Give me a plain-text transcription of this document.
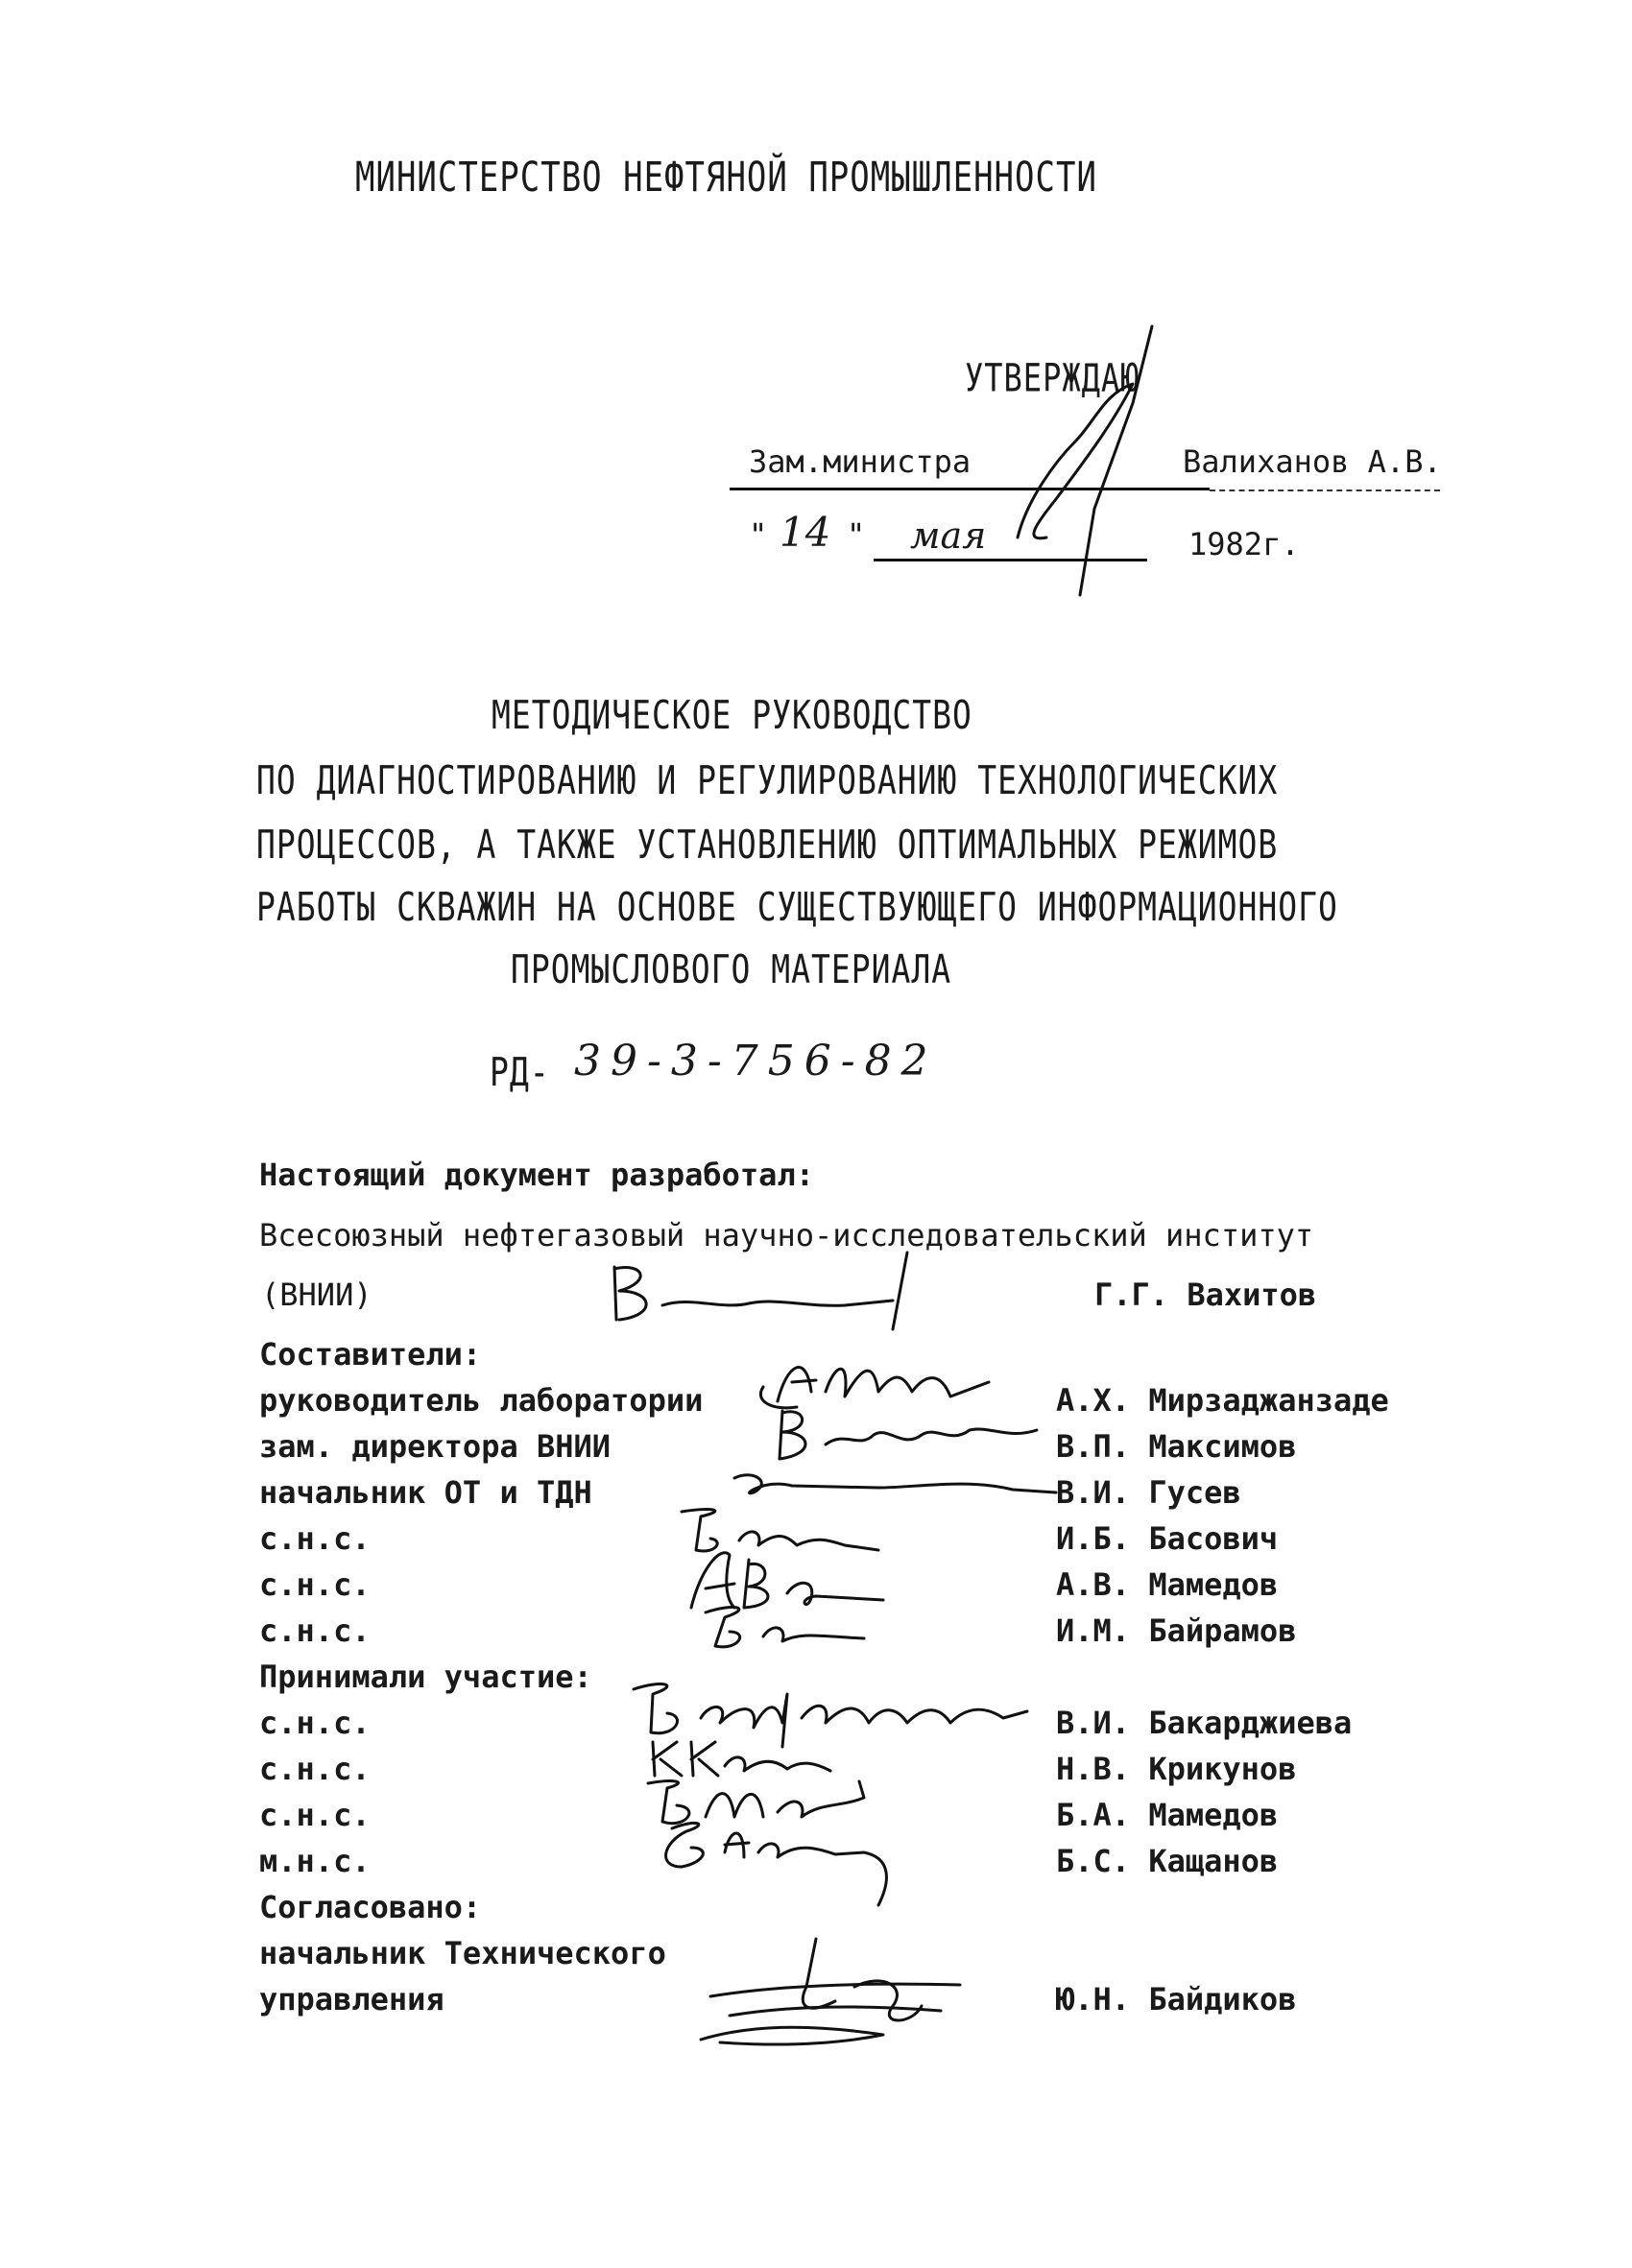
МИНИСТЕРСТВО НЕФТЯНОЙ ПРОМЫШЛЕННОСТИ
УТВЕРЖДАЮ
Зам.министра	Валиханов А.В.
" 14 " мая	1982г.
МЕТОДИЧЕСКОЕ РУКОВОДСТВО
ПО ДИАГНОСТИРОВАНИЮ И РЕГУЛИРОВАНИЮ ТЕХНОЛОГИЧЕСКИХ
ПРОЦЕССОВ, А ТАКЖЕ УСТАНОВЛЕНИЮ ОПТИМАЛЬНЫХ РЕЖИМОВ
РАБОТЫ СКВАЖИН НА ОСНОВЕ СУЩЕСТВУЮЩЕГО ИНФОРМАЦИОННОГО
ПРОМЫСЛОВОГО МАТЕРИАЛА
РД- 39-3-756-82
Настоящий документ разработал:
Всесоюзный нефтегазовый научно-исследовательский институт
(ВНИИ)	Г.Г. Вахитов
Составители:
руководитель лаборатории	А.Х. Мирзаджанзаде
зам. директора ВНИИ	В.П. Максимов
начальник ОТ и ТДН	В.И. Гусев
с.н.с.	И.Б. Басович
с.н.с.	А.В. Мамедов
с.н.с.	И.М. Байрамов
Принимали участие:
с.н.с.	В.И. Бакарджиева
с.н.с.	Н.В. Крикунов
с.н.с.	Б.А. Мамедов
м.н.с.	Б.С. Кащанов
Согласовано:
начальник Технического
управления	Ю.Н. Байдиков
